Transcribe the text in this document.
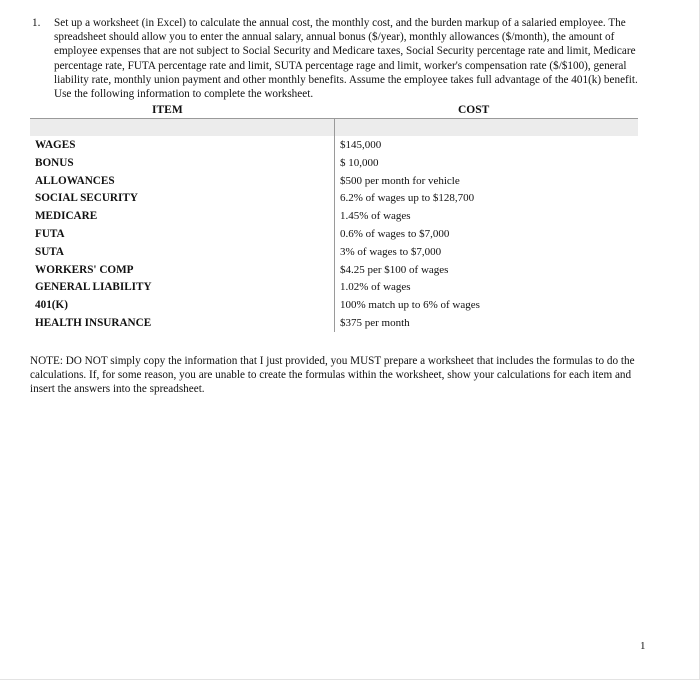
1. Set up a worksheet (in Excel) to calculate the annual cost, the monthly cost, and the burden markup of a salaried employee. The spreadsheet should allow you to enter the annual salary, annual bonus ($/year), monthly allowances ($/month), the amount of employee expenses that are not subject to Social Security and Medicare taxes, Social Security percentage rate and limit, Medicare percentage rate, FUTA percentage rate and limit, SUTA percentage rage and limit, worker's compensation rate ($/$100), general liability rate, monthly union payment and other monthly benefits. Assume the employee takes full advantage of the 401(k) benefit. Use the following information to complete the worksheet.
ITEM	COST
WAGES	$145,000
BONUS	$ 10,000
ALLOWANCES	$500 per month for vehicle
SOCIAL SECURITY	6.2% of wages up to $128,700
MEDICARE	1.45% of wages
FUTA	0.6% of wages to $7,000
SUTA	3% of wages to $7,000
WORKERS' COMP	$4.25 per $100 of wages
GENERAL LIABILITY	1.02% of wages
401(K)	100% match up to 6% of wages
HEALTH INSURANCE	$375 per month
NOTE: DO NOT simply copy the information that I just provided, you MUST prepare a worksheet that includes the formulas to do the calculations. If, for some reason, you are unable to create the formulas within the worksheet, show your calculations for each item and insert the answers into the spreadsheet.
1
